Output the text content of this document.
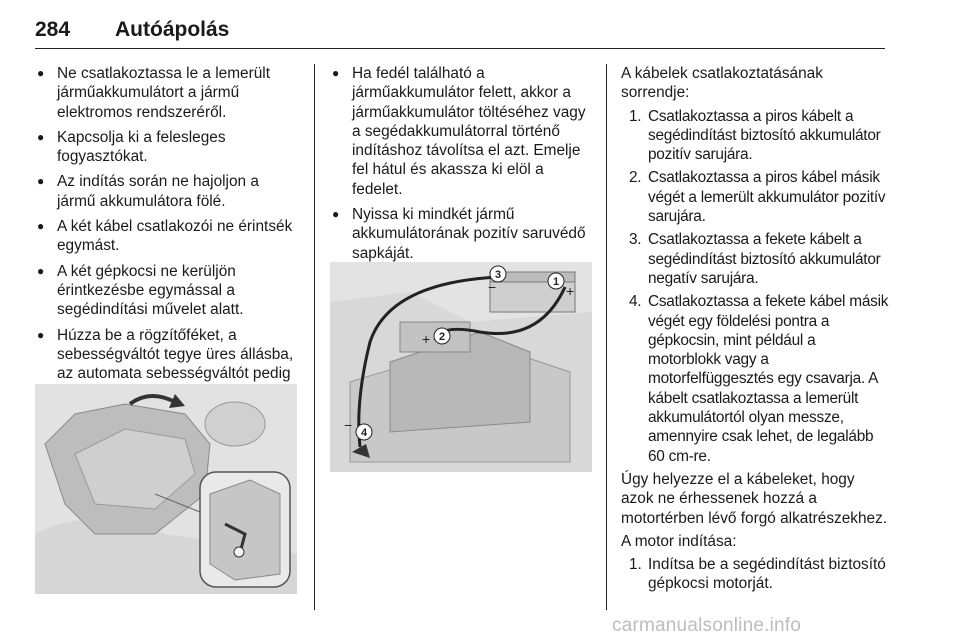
284 Autóápolás
● Ne csatlakoztassa le a lemerült járműakkumulátort a jármű elektromos rendszeréről.
● Kapcsolja ki a felesleges fogyasztókat.
● Az indítás során ne hajoljon a jármű akkumulátora fölé.
● A két kábel csatlakozói ne érintsék egymást.
● A két gépkocsi ne kerüljön érintkezésbe egymással a segédindítási művelet alatt.
● Húzza be a rögzítőféket, a sebességváltót tegye üres állásba, az automata sebességváltót pedig
● Ha fedél található a járműakkumulátor felett, akkor a járműakkumulátor töltéséhez vagy a segédakkumulátorral történő indításhoz távolítsa el azt. Emelje fel hátul és akassza ki elöl a fedelet.
● Nyissa ki mindkét jármű akkumulátorának pozitív saruvédő sapkáját.
1
+
2
+
3
−
4
−

A kábelek csatlakoztatásának sorrendje:

1. Csatlakoztassa a piros kábelt a segédindítást biztosító akkumulátor pozitív sarujára.
2. Csatlakoztassa a piros kábel másik végét a lemerült akkumulátor pozitív sarujára.
3. Csatlakoztassa a fekete kábelt a segédindítást biztosító akkumulátor negatív sarujára.
4. Csatlakoztassa a fekete kábel másik végét egy földelési pontra a gépkocsin, mint például a motorblokk vagy a motorfelfüggesztés egy csavarja. A kábelt csatlakoztassa a lemerült akkumulátortól olyan messze, amennyire csak lehet, de legalább 60 cm-re.

Úgy helyezze el a kábeleket, hogy azok ne érhessenek hozzá a motortérben lévő forgó alkatrészekhez.

A motor indítása:

1. Indítsa be a segédindítást biztosító gépkocsi motorját.
carmanualsonline.info
